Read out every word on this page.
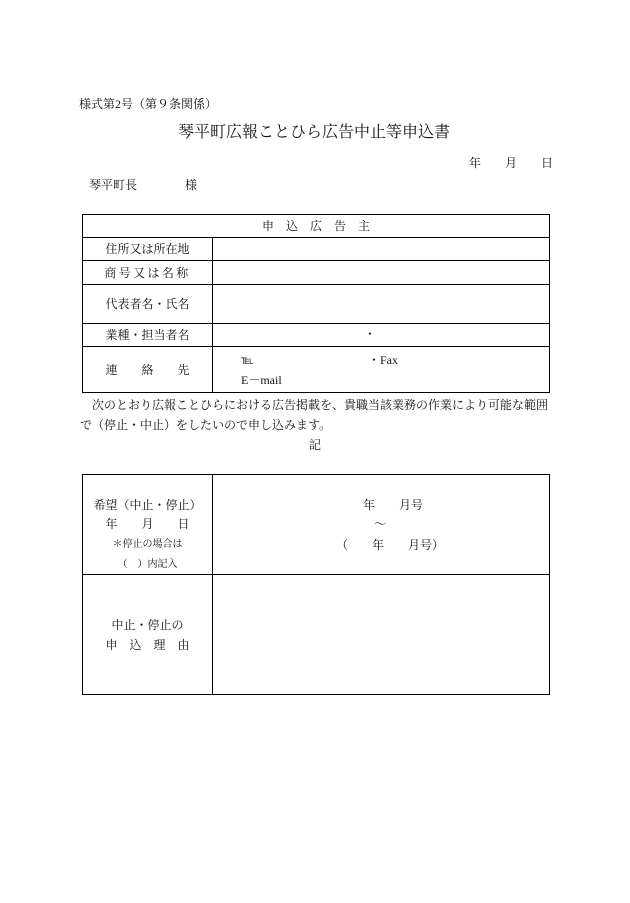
様式第2号（第９条関係）
琴平町広報ことひら広告中止等申込書
年　　月　　日
琴平町長　　　　様
申　込　広　告　主
住所又は所在地
商号又は名称
代表者名・氏名
業種・担当者名
連　　絡　　先
・
℡	・Fax
E－mail
　次のとおり広報ことひらにおける広告掲載を、貴職当該業務の作業により可能な範囲
で（停止・中止）をしたいので申し込みます。
記
希望（中止・停止）
年　　月　　日
＊停止の場合は
（　）内記入
年　　月号
～
（　　年　　月号）
中止・停止の
申　込　理　由
